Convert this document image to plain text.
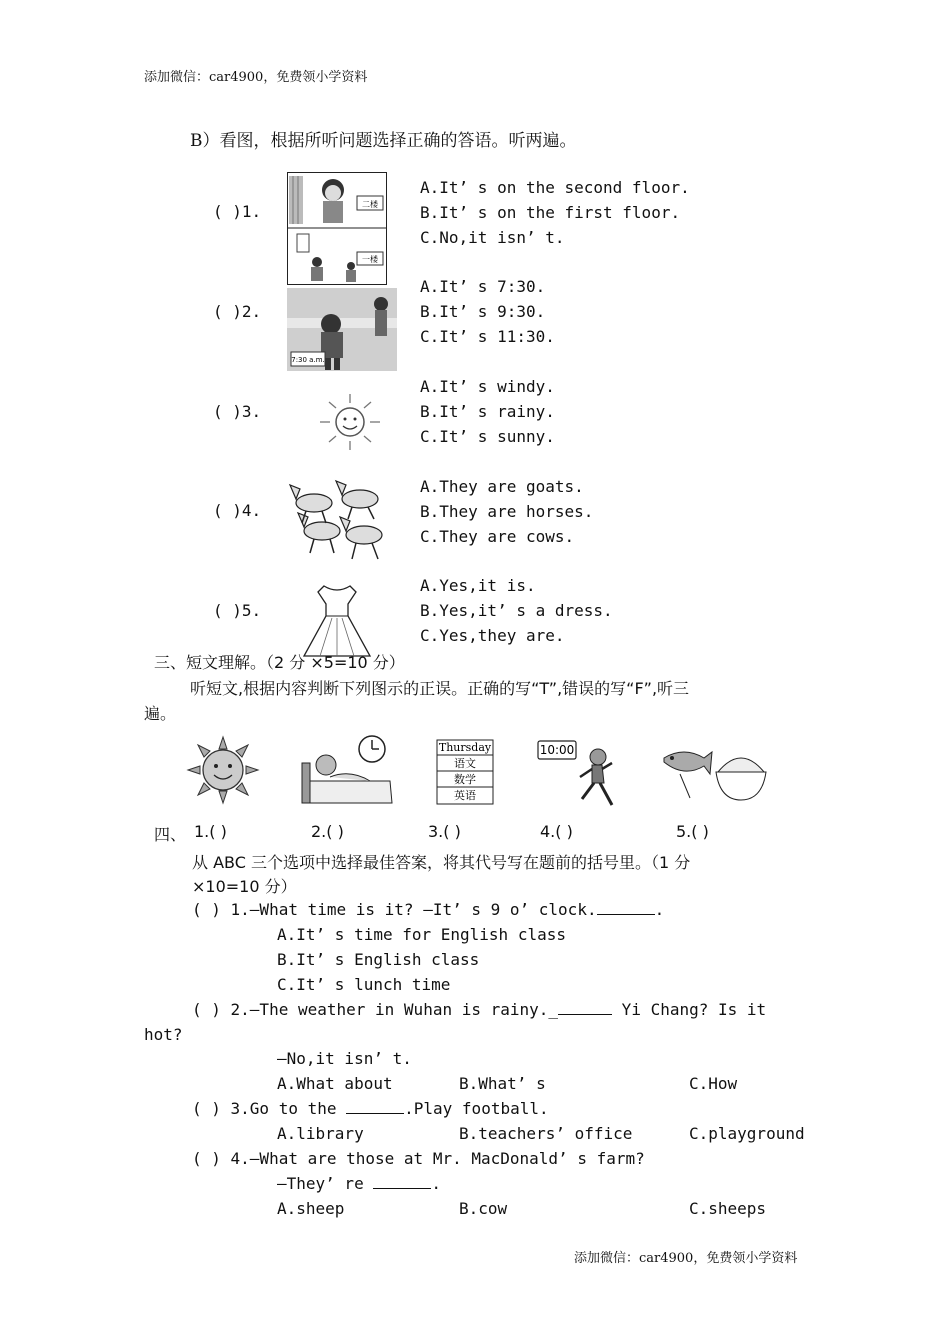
添加微信：car4900，免费领小学资料
B）看图，根据所听问题选择正确的答语。听两遍。
( )1.	二楼
一楼
A.It’ s on the second floor.
B.It’ s on the first floor.
C.No,it isn’ t.
( )2.
7:30 a.m.
A.It’ s 7:30.
B.It’ s 9:30.
C.It’ s 11:30.
( )3.
A.It’ s windy.
B.It’ s rainy.
C.It’ s sunny.
( )4.
A.They are goats.
B.They are horses.
C.They are cows.
( )5.
A.Yes,it is.
B.Yes,it’ s a dress.
C.Yes,they are.
三、短文理解。（2 分 ×5=10 分）
听短文,根据内容判断下列图示的正误。正确的写“T”,错误的写“F”,听三
遍。
Thursday
语文
数学
英语
10:00
四、 1.( )	2.( )	3.( )	4.( )	5.( )
从 ABC 三个选项中选择最佳答案，将其代号写在题前的括号里。（1 分
×10=10 分）
( ) 1.—What time is it? —It’ s 9 o’ clock.	.
A.It’ s time for English class
B.It’ s English class
C.It’ s lunch time
( ) 2.—The weather in Wuhan is rainy._	Yi Chang? Is it
hot?
—No,it isn’ t.
A.What about	B.What’ s	C.How
( ) 3.Go to the	.Play football.
A.library	B.teachers’ office	C.playground
( ) 4.—What are those at Mr. MacDonald’ s farm?
—They’ re	.
A.sheep	B.cow	C.sheeps
添加微信：car4900，免费领小学资料
